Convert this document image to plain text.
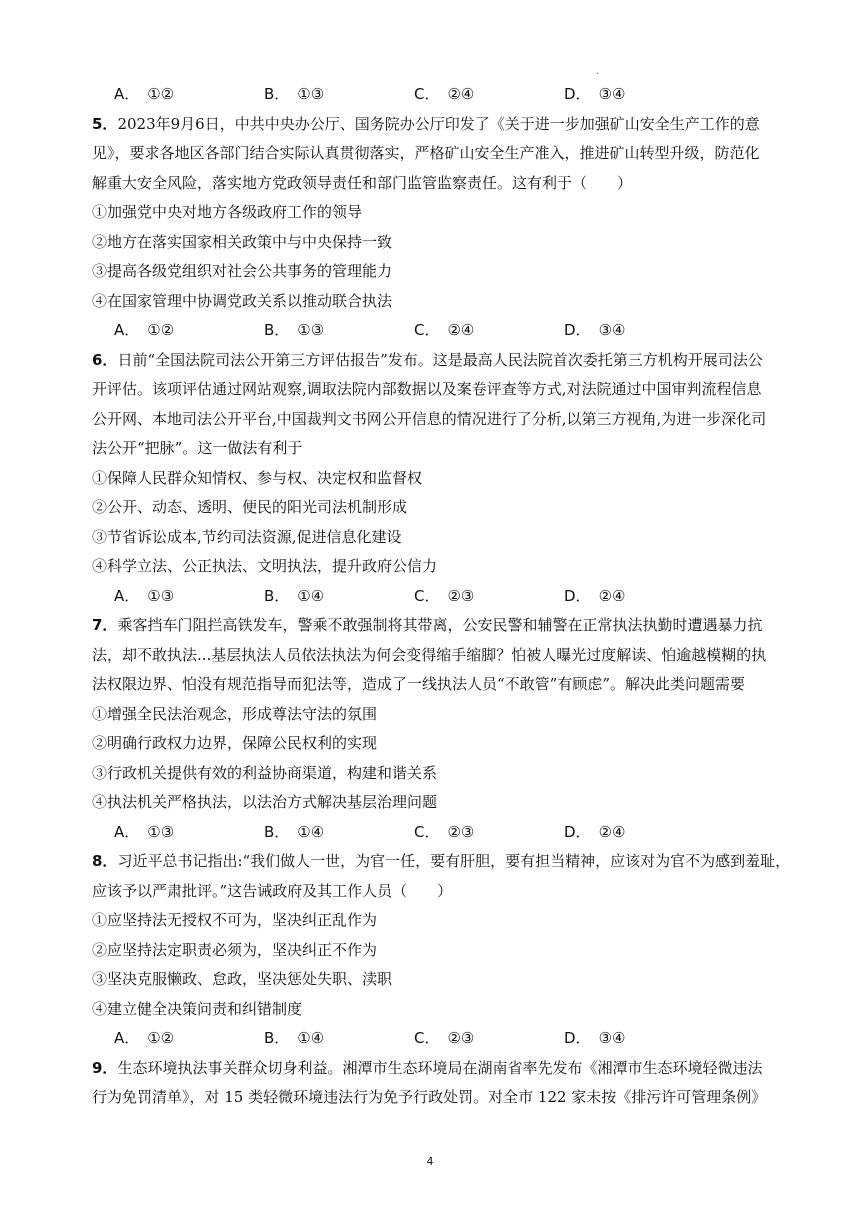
.
A． ①②	B． ①③	C． ②④	D． ③④
5．2023年9月6日，中共中央办公厅、国务院办公厅印发了《关于进一步加强矿山安全生产工作的意
见》，要求各地区各部门结合实际认真贯彻落实，严格矿山安全生产准入，推进矿山转型升级，防范化
解重大安全风险，落实地方党政领导责任和部门监管监察责任。这有利于（　　）
①加强党中央对地方各级政府工作的领导
②地方在落实国家相关政策中与中央保持一致
③提高各级党组织对社会公共事务的管理能力
④在国家管理中协调党政关系以推动联合执法
A． ①②	B． ①③	C． ②④	D． ③④
6．日前“全国法院司法公开第三方评估报告”发布。这是最高人民法院首次委托第三方机构开展司法公
开评估。该项评估通过网站观察,调取法院内部数据以及案卷评查等方式,对法院通过中国审判流程信息
公开网、本地司法公开平台,中国裁判文书网公开信息的情况进行了分析,以第三方视角,为进一步深化司
法公开“把脉”。这一做法有利于
①保障人民群众知情权、参与权、决定权和监督权
②公开、动态、透明、便民的阳光司法机制形成
③节省诉讼成本,节约司法资源,促进信息化建设
④科学立法、公正执法、文明执法，提升政府公信力
A． ①③	B． ①④	C． ②③	D． ②④
7．乘客挡车门阻拦高铁发车，警乘不敢强制将其带离，公安民警和辅警在正常执法执勤时遭遇暴力抗
法，却不敢执法...基层执法人员依法执法为何会变得缩手缩脚？怕被人曝光过度解读、怕逾越模糊的执
法权限边界、怕没有规范指导而犯法等，造成了一线执法人员“不敢管”有顾虑”。解决此类问题需要
①增强全民法治观念，形成尊法守法的氛围
②明确行政权力边界，保障公民权利的实现
③行政机关提供有效的利益协商渠道，构建和谐关系
④执法机关严格执法，以法治方式解决基层治理问题
A． ①③	B． ①④	C． ②③	D． ②④
8．习近平总书记指出:“我们做人一世，为官一任，要有肝胆，要有担当精神，应该对为官不为感到羞耻，
应该予以严肃批评。”这告诫政府及其工作人员（　　）
①应坚持法无授权不可为，坚决纠正乱作为
②应坚持法定职责必须为，坚决纠正不作为
③坚决克服懒政、怠政，坚决惩处失职、渎职
④建立健全决策问责和纠错制度
A． ①②	B． ①④	C． ②③	D． ③④
9．生态环境执法事关群众切身利益。湘潭市生态环境局在湖南省率先发布《湘潭市生态环境轻微违法
行为免罚清单》，对 15 类轻微环境违法行为免予行政处罚。对全市 122 家未按《排污许可管理条例》
4
